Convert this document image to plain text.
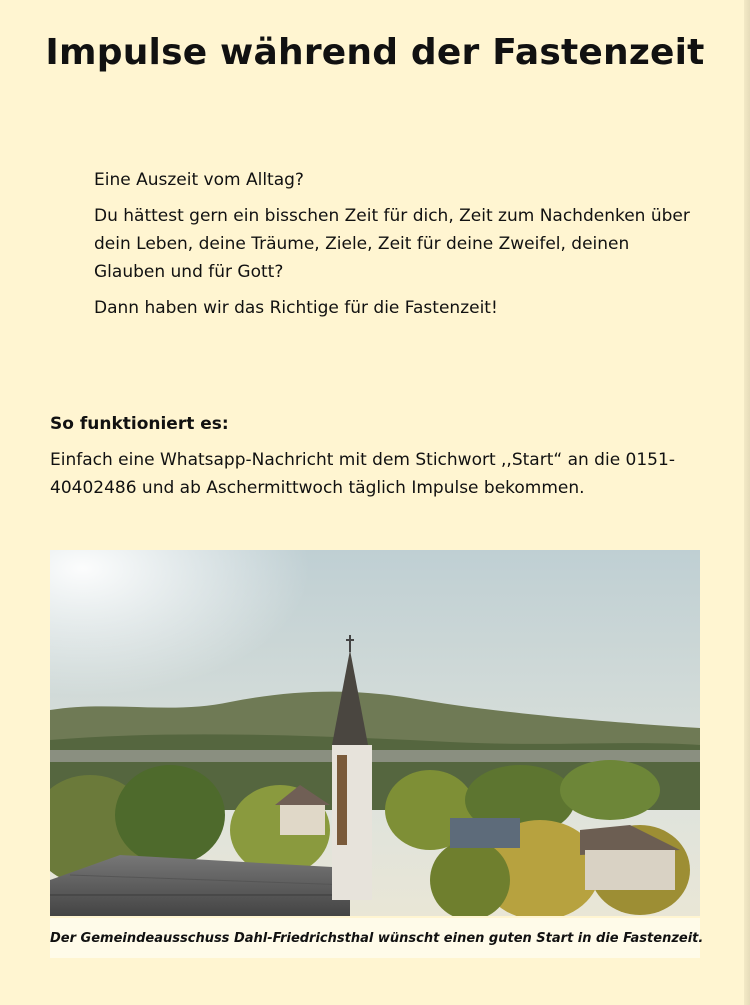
Impulse während der Fastenzeit

Eine Auszeit vom Alltag?

Du hättest gern ein bisschen Zeit für dich, Zeit zum Nachdenken über dein Leben, deine Träume, Ziele, Zeit für deine Zweifel, deinen Glauben und für Gott?

Dann haben wir das Richtige für die Fastenzeit!

So funktioniert es:

Einfach eine Whatsapp-Nachricht mit dem Stichwort ,,Start“ an die 0151-40402486 und ab Aschermittwoch täglich Impulse bekommen.

Der Gemeindeausschuss Dahl-Friedrichsthal wünscht einen guten Start in die Fastenzeit.
